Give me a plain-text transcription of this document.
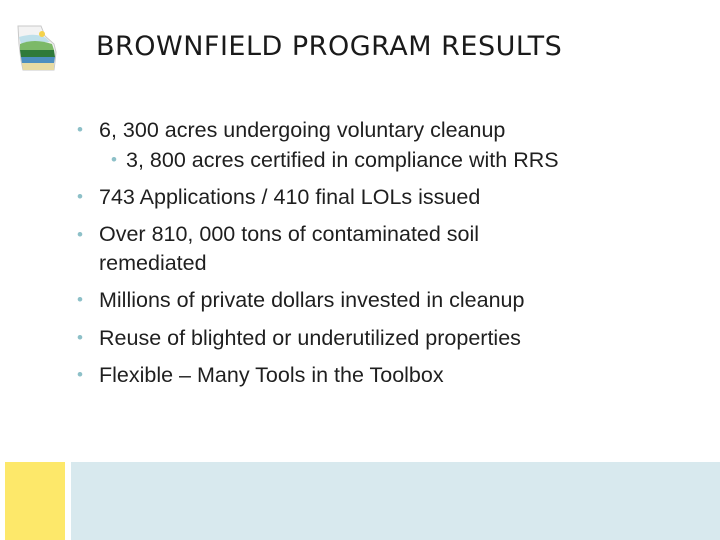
BROWNFIELD PROGRAM RESULTS
• 6, 300 acres undergoing voluntary cleanup
• 3, 800 acres certified in compliance with RRS
• 743 Applications / 410 final LOLs issued
• Over 810, 000 tons of contaminated soil remediated
• Millions of private dollars invested in cleanup
• Reuse of blighted or underutilized properties
• Flexible – Many Tools in the Toolbox
